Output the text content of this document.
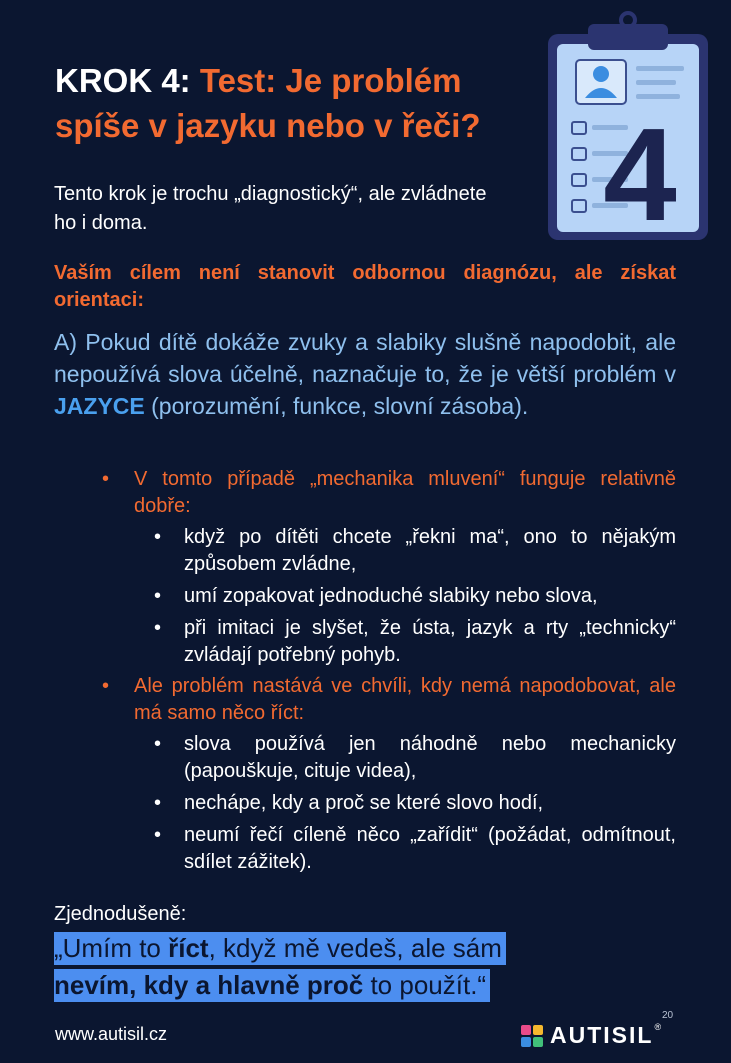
KROK 4: Test: Je problém spíše v jazyku nebo v řeči? 4
Tento krok je trochu „diagnostický“, ale zvládnete ho i doma.
Vaším cílem není stanovit odbornou diagnózu, ale získat orientaci:
A) Pokud dítě dokáže zvuky a slabiky slušně napodobit, ale nepoužívá slova účelně, naznačuje to, že je větší problém v JAZYCE (porozumění, funkce, slovní zásoba).
• V tomto případě „mechanika mluvení“ funguje relativně dobře:
• když po dítěti chcete „řekni ma“, ono to nějakým způsobem zvládne,
• umí zopakovat jednoduché slabiky nebo slova,
• při imitaci je slyšet, že ústa, jazyk a rty „technicky“ zvládají potřebný pohyb.
• Ale problém nastává ve chvíli, kdy nemá napodobovat, ale má samo něco říct:
• slova používá jen náhodně nebo mechanicky (papouškuje, cituje videa),
• nechápe, kdy a proč se které slovo hodí,
• neumí řečí cíleně něco „zařídit“ (požádat, odmítnout, sdílet zážitek).
Zjednodušeně:
„Umím to říct, když mě vedeš, ale sám
nevím, kdy a hlavně proč to použít.“
www.autisil.cz
20
AUTISIL ®
